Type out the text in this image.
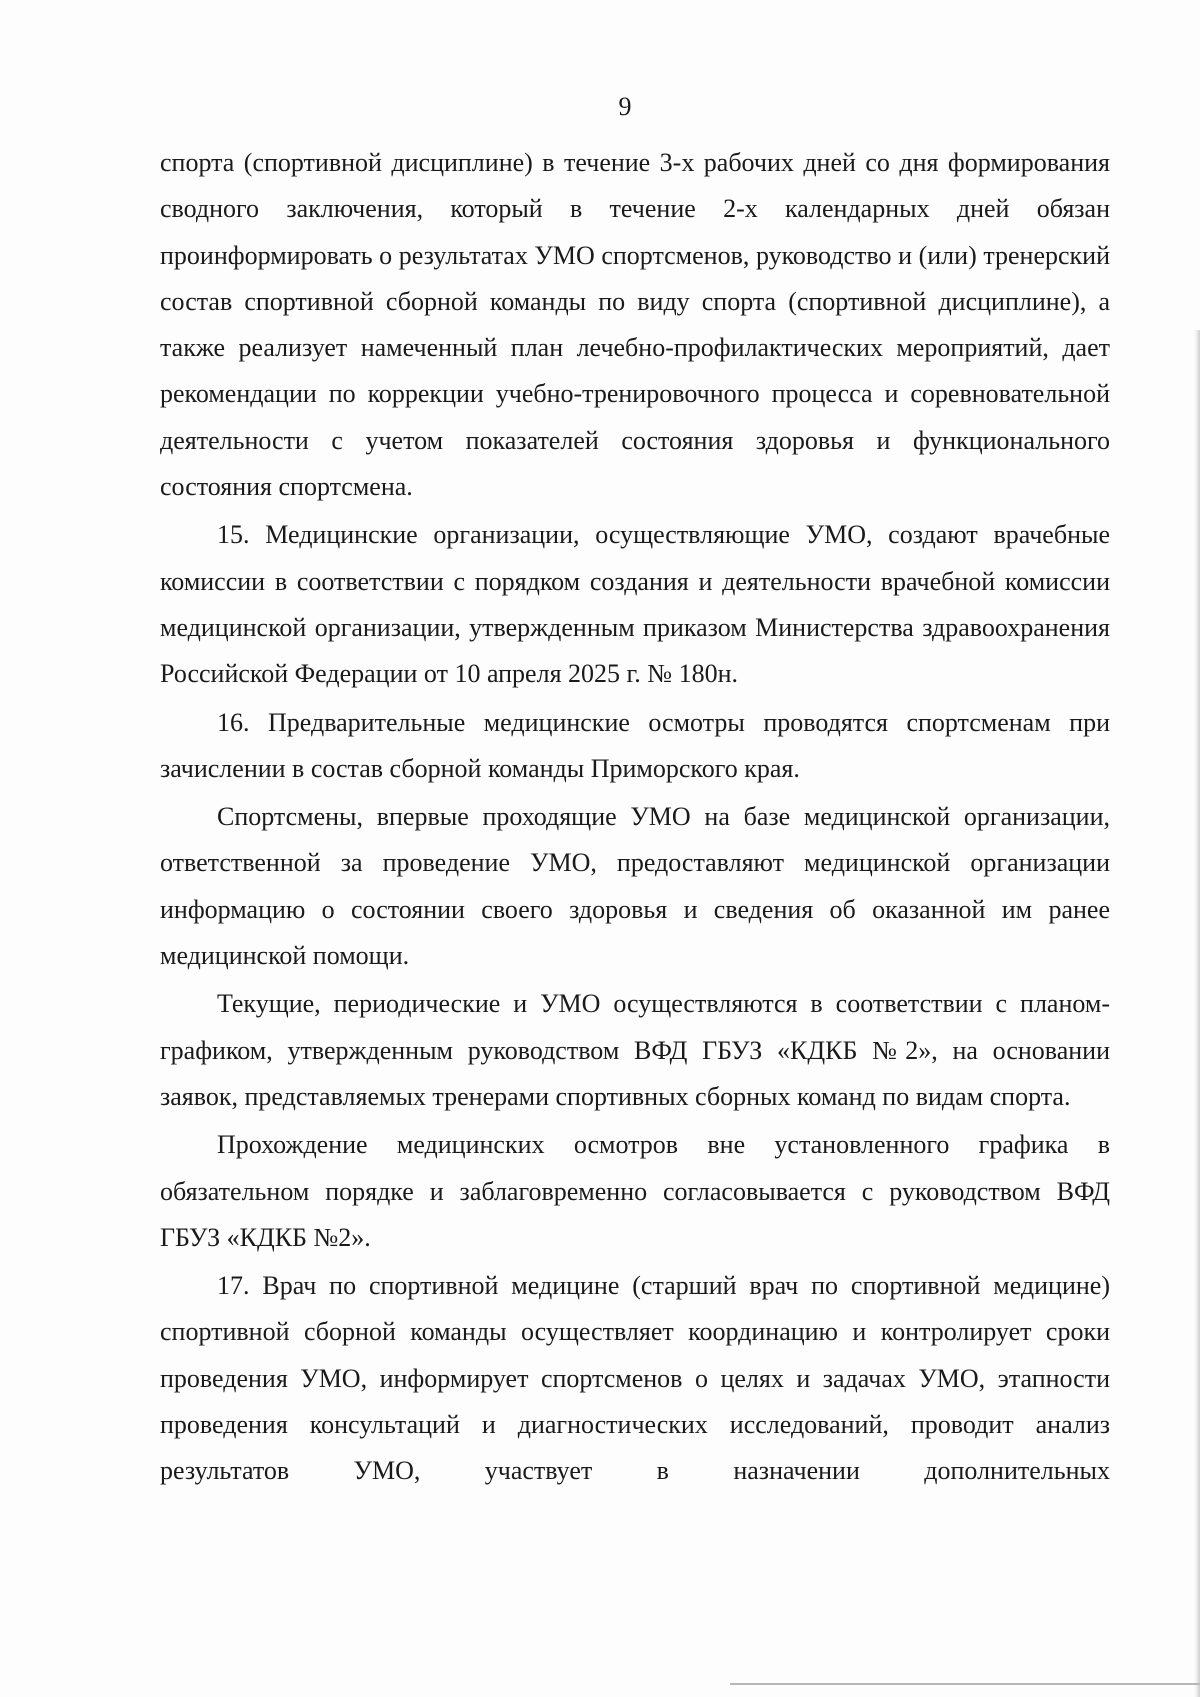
9

спорта (спортивной дисциплине) в течение 3-х рабочих дней со дня формирования сводного заключения, который в течение 2-х календарных дней обязан проинформировать о результатах УМО спортсменов, руководство и (или) тренерский состав спортивной сборной команды по виду спорта (спортивной дисциплине), а также реализует намеченный план лечебно-профилактических мероприятий, дает рекомендации по коррекции учебно-тренировочного процесса и соревновательной деятельности с учетом показателей состояния здоровья и функционального состояния спортсмена.

15. Медицинские организации, осуществляющие УМО, создают врачебные комиссии в соответствии с порядком создания и деятельности врачебной комиссии медицинской организации, утвержденным приказом Министерства здравоохранения Российской Федерации от 10 апреля 2025 г. № 180н.

16. Предварительные медицинские осмотры проводятся спортсменам при зачислении в состав сборной команды Приморского края.

Спортсмены, впервые проходящие УМО на базе медицинской организации, ответственной за проведение УМО, предоставляют медицинской организации информацию о состоянии своего здоровья и сведения об оказанной им ранее медицинской помощи.

Текущие, периодические и УМО осуществляются в соответствии с планом-графиком, утвержденным руководством ВФД ГБУЗ «КДКБ №2», на основании заявок, представляемых тренерами спортивных сборных команд по видам спорта.

Прохождение медицинских осмотров вне установленного графика в обязательном порядке и заблаговременно согласовывается с руководством ВФД ГБУЗ «КДКБ №2».

17. Врач по спортивной медицине (старший врач по спортивной медицине) спортивной сборной команды осуществляет координацию и контролирует сроки проведения УМО, информирует спортсменов о целях и задачах УМО, этапности проведения консультаций и диагностических исследований, проводит анализ результатов УМО, участвует в назначении дополнительных
